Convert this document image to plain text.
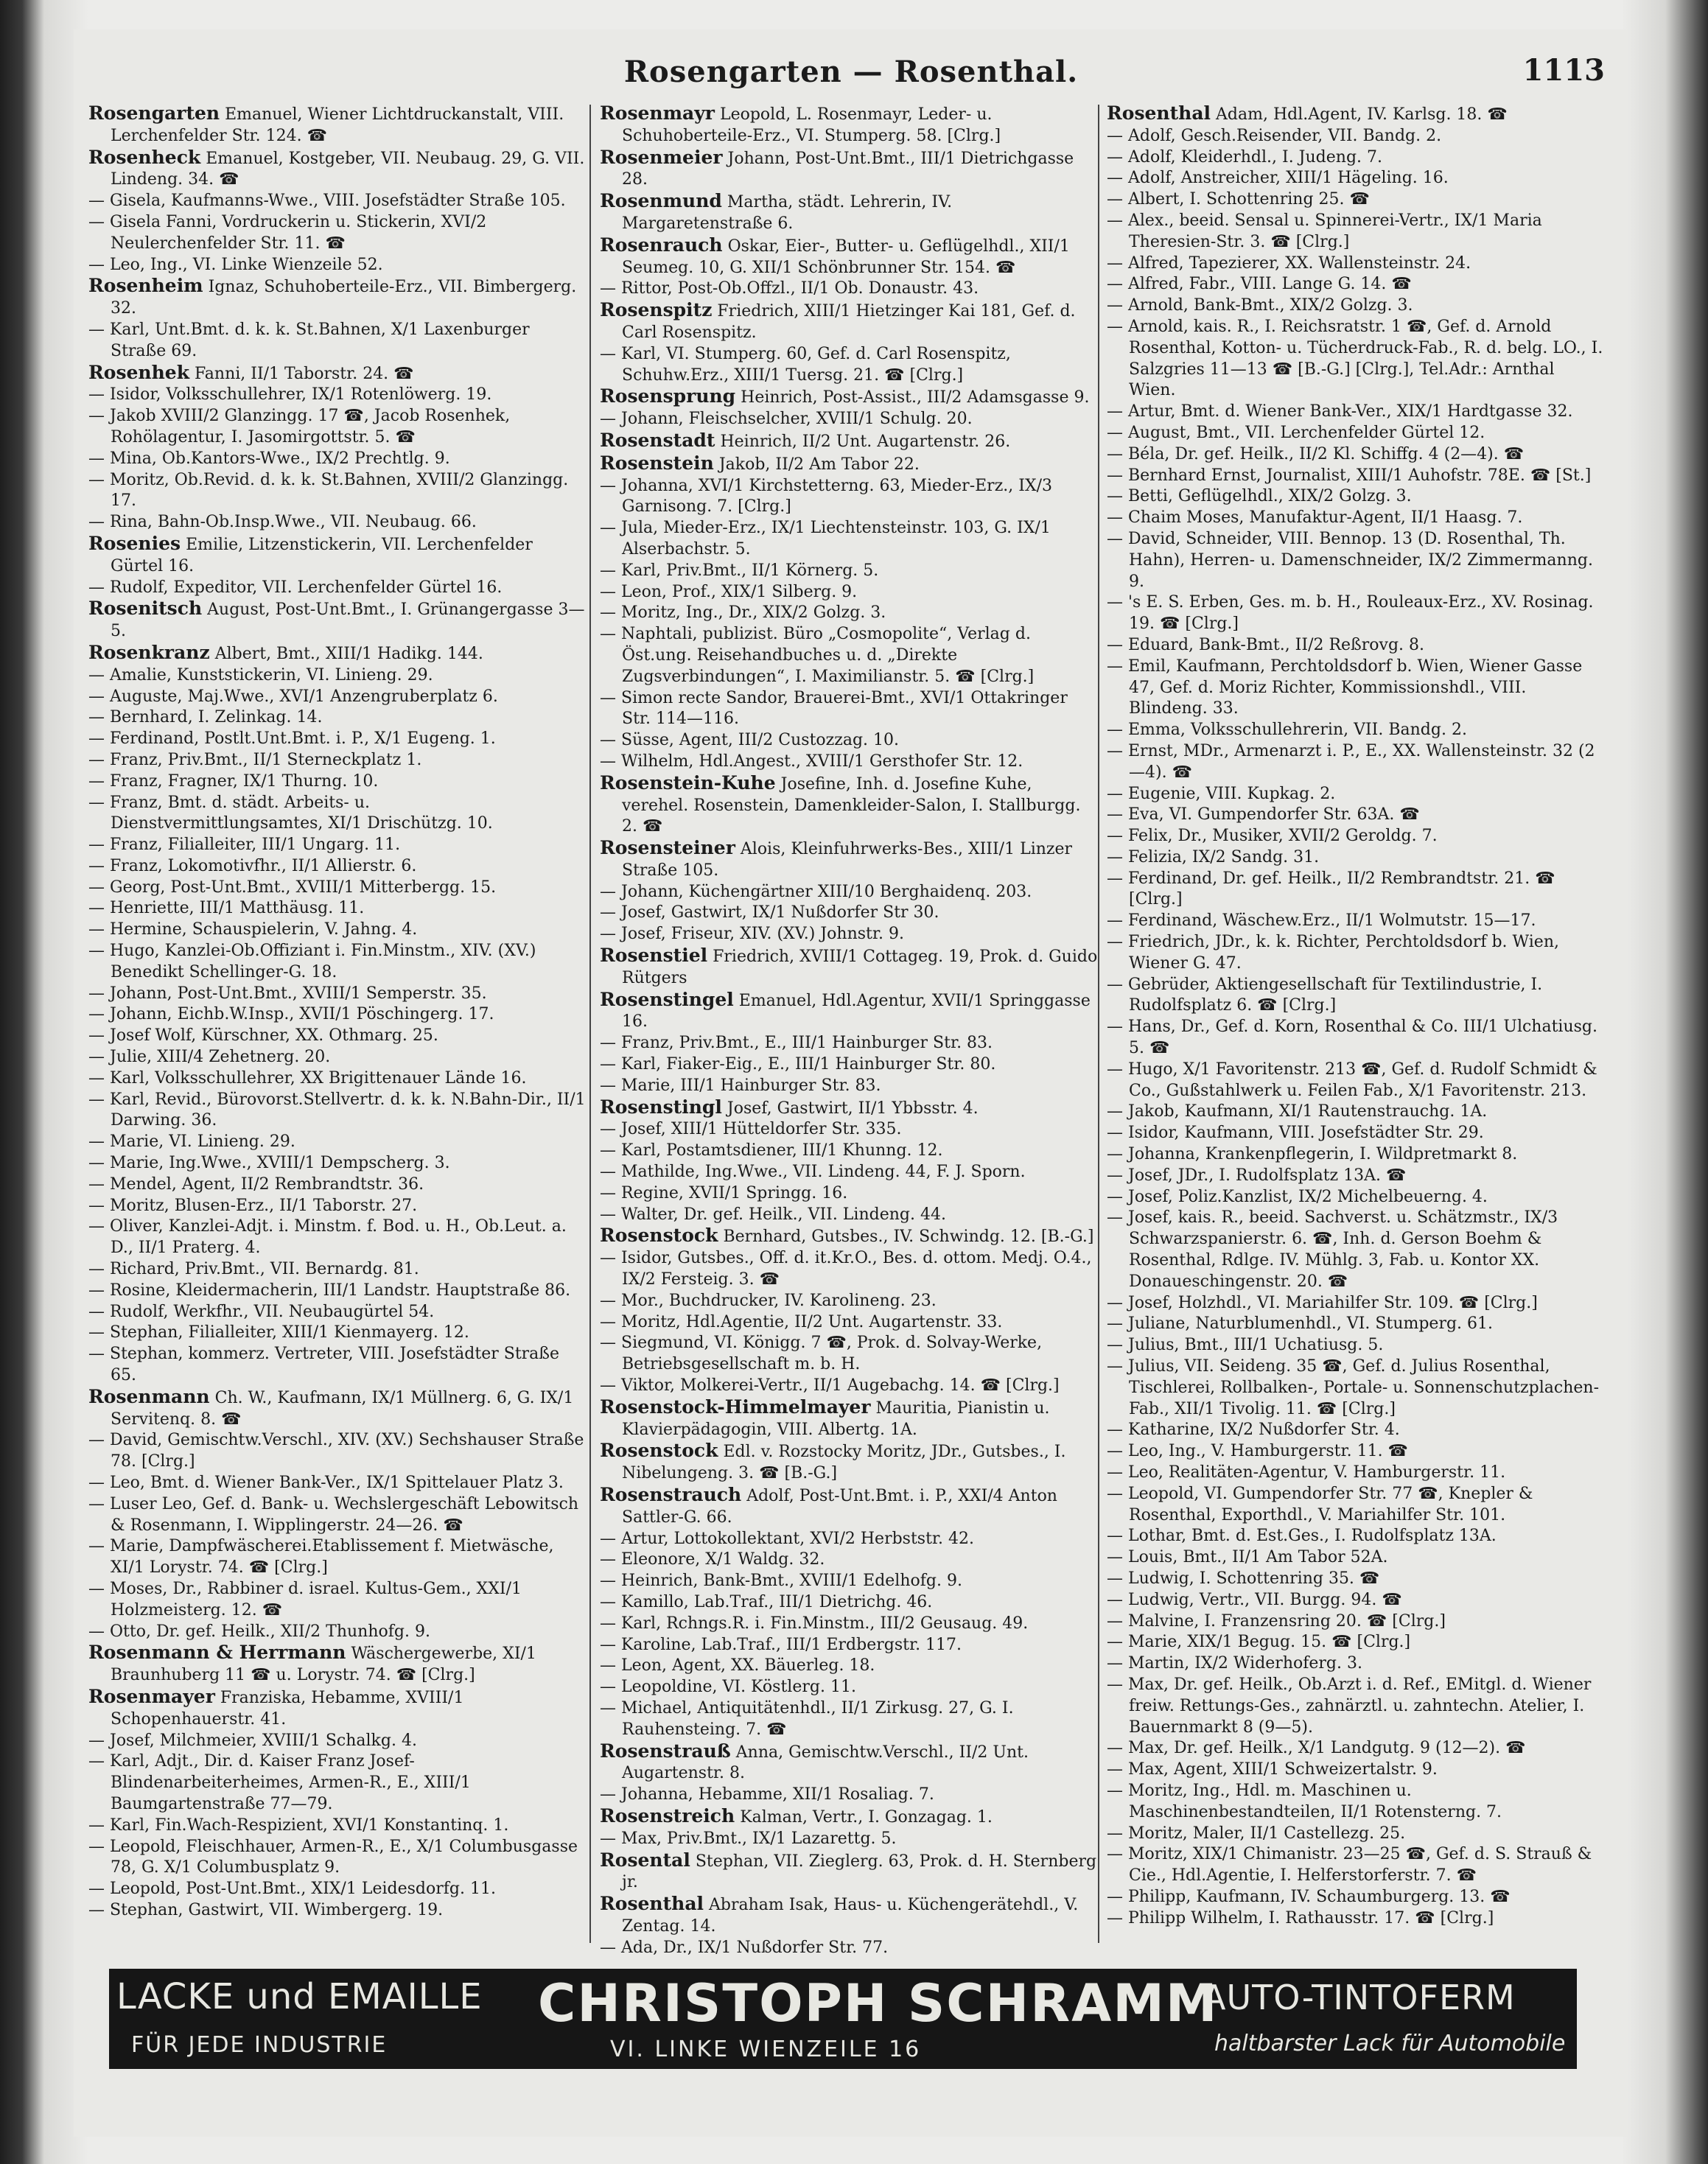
Rosengarten — Rosenthal.	1113

Rosengarten Emanuel, Wiener Lichtdruckanstalt, VIII. Lerchenfelder Str. 124. ☎

Rosenheck Emanuel, Kostgeber, VII. Neubaug. 29, G. VII. Lindeng. 34. ☎

— Gisela, Kaufmanns-Wwe., VIII. Josefstädter Straße 105.

— Gisela Fanni, Vordruckerin u. Stickerin, XVI/2 Neulerchenfelder Str. 11. ☎

— Leo, Ing., VI. Linke Wienzeile 52.

Rosenheim Ignaz, Schuhoberteile-Erz., VII. Bimbergerg. 32.

— Karl, Unt.Bmt. d. k. k. St.Bahnen, X/1 Laxenburger Straße 69.

Rosenhek Fanni, II/1 Taborstr. 24. ☎

— Isidor, Volksschullehrer, IX/1 Rotenlöwerg. 19.

— Jakob XVIII/2 Glanzingg. 17 ☎, Jacob Rosenhek, Rohölagentur, I. Jasomirgottstr. 5. ☎

— Mina, Ob.Kantors-Wwe., IX/2 Prechtlg. 9.

— Moritz, Ob.Revid. d. k. k. St.Bahnen, XVIII/2 Glanzingg. 17.

— Rina, Bahn-Ob.Insp.Wwe., VII. Neubaug. 66.

Rosenies Emilie, Litzenstickerin, VII. Lerchenfelder Gürtel 16.

— Rudolf, Expeditor, VII. Lerchenfelder Gürtel 16.

Rosenitsch August, Post-Unt.Bmt., I. Grünangergasse 3—5.

Rosenkranz Albert, Bmt., XIII/1 Hadikg. 144.

— Amalie, Kunststickerin, VI. Linieng. 29.

— Auguste, Maj.Wwe., XVI/1 Anzengruberplatz 6.

— Bernhard, I. Zelinkag. 14.

— Ferdinand, Postlt.Unt.Bmt. i. P., X/1 Eugeng. 1.

— Franz, Priv.Bmt., II/1 Sterneckplatz 1.

— Franz, Fragner, IX/1 Thurng. 10.

— Franz, Bmt. d. städt. Arbeits- u. Dienstvermittlungsamtes, XI/1 Drischützg. 10.

— Franz, Filialleiter, III/1 Ungarg. 11.

— Franz, Lokomotivfhr., II/1 Allierstr. 6.

— Georg, Post-Unt.Bmt., XVIII/1 Mitterbergg. 15.

— Henriette, III/1 Matthäusg. 11.

— Hermine, Schauspielerin, V. Jahng. 4.

— Hugo, Kanzlei-Ob.Offiziant i. Fin.Minstm., XIV. (XV.) Benedikt Schellinger-G. 18.

— Johann, Post-Unt.Bmt., XVIII/1 Semperstr. 35.

— Johann, Eichb.W.Insp., XVII/1 Pöschingerg. 17.

— Josef Wolf, Kürschner, XX. Othmarg. 25.

— Julie, XIII/4 Zehetnerg. 20.

— Karl, Volksschullehrer, XX Brigittenauer Lände 16.

— Karl, Revid., Bürovorst.Stellvertr. d. k. k. N.Bahn-Dir., II/1 Darwing. 36.

— Marie, VI. Linieng. 29.

— Marie, Ing.Wwe., XVIII/1 Dempscherg. 3.

— Mendel, Agent, II/2 Rembrandtstr. 36.

— Moritz, Blusen-Erz., II/1 Taborstr. 27.

— Oliver, Kanzlei-Adjt. i. Minstm. f. Bod. u. H., Ob.Leut. a. D., II/1 Praterg. 4.

— Richard, Priv.Bmt., VII. Bernardg. 81.

— Rosine, Kleidermacherin, III/1 Landstr. Hauptstraße 86.

— Rudolf, Werkfhr., VII. Neubaugürtel 54.

— Stephan, Filialleiter, XIII/1 Kienmayerg. 12.

— Stephan, kommerz. Vertreter, VIII. Josefstädter Straße 65.

Rosenmann Ch. W., Kaufmann, IX/1 Müllnerg. 6, G. IX/1 Servitenq. 8. ☎

— David, Gemischtw.Verschl., XIV. (XV.) Sechshauser Straße 78. [Clrg.]

— Leo, Bmt. d. Wiener Bank-Ver., IX/1 Spittelauer Platz 3.

— Luser Leo, Gef. d. Bank- u. Wechslergeschäft Lebowitsch & Rosenmann, I. Wipplingerstr. 24—26. ☎

— Marie, Dampfwäscherei.Etablissement f. Mietwäsche, XI/1 Lorystr. 74. ☎ [Clrg.]

— Moses, Dr., Rabbiner d. israel. Kultus-Gem., XXI/1 Holzmeisterg. 12. ☎

— Otto, Dr. gef. Heilk., XII/2 Thunhofg. 9.

Rosenmann & Herrmann Wäschergewerbe, XI/1 Braunhuberg 11 ☎ u. Lorystr. 74. ☎ [Clrg.]

Rosenmayer Franziska, Hebamme, XVIII/1 Schopenhauerstr. 41.

— Josef, Milchmeier, XVIII/1 Schalkg. 4.

— Karl, Adjt., Dir. d. Kaiser Franz Josef-Blindenarbeiterheimes, Armen-R., E., XIII/1 Baumgartenstraße 77—79.

— Karl, Fin.Wach-Respizient, XVI/1 Konstantinq. 1.

— Leopold, Fleischhauer, Armen-R., E., X/1 Columbusgasse 78, G. X/1 Columbusplatz 9.

— Leopold, Post-Unt.Bmt., XIX/1 Leidesdorfg. 11.

— Stephan, Gastwirt, VII. Wimbergerg. 19.

Rosenmayr Leopold, L. Rosenmayr, Leder- u. Schuhoberteile-Erz., VI. Stumperg. 58. [Clrg.]

Rosenmeier Johann, Post-Unt.Bmt., III/1 Dietrichgasse 28.

Rosenmund Martha, städt. Lehrerin, IV. Margaretenstraße 6.

Rosenrauch Oskar, Eier-, Butter- u. Geflügelhdl., XII/1 Seumeg. 10, G. XII/1 Schönbrunner Str. 154. ☎

— Rittor, Post-Ob.Offzl., II/1 Ob. Donaustr. 43.

Rosenspitz Friedrich, XIII/1 Hietzinger Kai 181, Gef. d. Carl Rosenspitz.

— Karl, VI. Stumperg. 60, Gef. d. Carl Rosenspitz, Schuhw.Erz., XIII/1 Tuersg. 21. ☎ [Clrg.]

Rosensprung Heinrich, Post-Assist., III/2 Adamsgasse 9.

— Johann, Fleischselcher, XVIII/1 Schulg. 20.

Rosenstadt Heinrich, II/2 Unt. Augartenstr. 26.

Rosenstein Jakob, II/2 Am Tabor 22.

— Johanna, XVI/1 Kirchstetterng. 63, Mieder-Erz., IX/3 Garnisong. 7. [Clrg.]

— Jula, Mieder-Erz., IX/1 Liechtensteinstr. 103, G. IX/1 Alserbachstr. 5.

— Karl, Priv.Bmt., II/1 Körnerg. 5.

— Leon, Prof., XIX/1 Silberg. 9.

— Moritz, Ing., Dr., XIX/2 Golzg. 3.

— Naphtali, publizist. Büro „Cosmopolite“, Verlag d. Öst.ung. Reisehandbuches u. d. „Direkte Zugsverbindungen“, I. Maximilianstr. 5. ☎ [Clrg.]

— Simon recte Sandor, Brauerei-Bmt., XVI/1 Ottakringer Str. 114—116.

— Süsse, Agent, III/2 Custozzag. 10.

— Wilhelm, Hdl.Angest., XVIII/1 Gersthofer Str. 12.

Rosenstein-Kuhe Josefine, Inh. d. Josefine Kuhe, verehel. Rosenstein, Damenkleider-Salon, I. Stallburgg. 2. ☎

Rosensteiner Alois, Kleinfuhrwerks-Bes., XIII/1 Linzer Straße 105.

— Johann, Küchengärtner XIII/10 Berghaidenq. 203.

— Josef, Gastwirt, IX/1 Nußdorfer Str 30.

— Josef, Friseur, XIV. (XV.) Johnstr. 9.

Rosenstiel Friedrich, XVIII/1 Cottageg. 19, Prok. d. Guido Rütgers

Rosenstingel Emanuel, Hdl.Agentur, XVII/1 Springgasse 16.

— Franz, Priv.Bmt., E., III/1 Hainburger Str. 83.

— Karl, Fiaker-Eig., E., III/1 Hainburger Str. 80.

— Marie, III/1 Hainburger Str. 83.

Rosenstingl Josef, Gastwirt, II/1 Ybbsstr. 4.

— Josef, XIII/1 Hütteldorfer Str. 335.

— Karl, Postamtsdiener, III/1 Khunng. 12.

— Mathilde, Ing.Wwe., VII. Lindeng. 44, F. J. Sporn.

— Regine, XVII/1 Springg. 16.

— Walter, Dr. gef. Heilk., VII. Lindeng. 44.

Rosenstock Bernhard, Gutsbes., IV. Schwindg. 12. [B.-G.]

— Isidor, Gutsbes., Off. d. it.Kr.O., Bes. d. ottom. Medj. O.4., IX/2 Fersteig. 3. ☎

— Mor., Buchdrucker, IV. Karolineng. 23.

— Moritz, Hdl.Agentie, II/2 Unt. Augartenstr. 33.

— Siegmund, VI. Königg. 7 ☎, Prok. d. Solvay-Werke, Betriebsgesellschaft m. b. H.

— Viktor, Molkerei-Vertr., II/1 Augebachg. 14. ☎ [Clrg.]

Rosenstock-Himmelmayer Mauritia, Pianistin u. Klavierpädagogin, VIII. Albertg. 1A.

Rosenstock Edl. v. Rozstocky Moritz, JDr., Gutsbes., I. Nibelungeng. 3. ☎ [B.-G.]

Rosenstrauch Adolf, Post-Unt.Bmt. i. P., XXI/4 Anton Sattler-G. 66.

— Artur, Lottokollektant, XVI/2 Herbststr. 42.

— Eleonore, X/1 Waldg. 32.

— Heinrich, Bank-Bmt., XVIII/1 Edelhofg. 9.

— Kamillo, Lab.Traf., III/1 Dietrichg. 46.

— Karl, Rchngs.R. i. Fin.Minstm., III/2 Geusaug. 49.

— Karoline, Lab.Traf., III/1 Erdbergstr. 117.

— Leon, Agent, XX. Bäuerleg. 18.

— Leopoldine, VI. Köstlerg. 11.

— Michael, Antiquitätenhdl., II/1 Zirkusg. 27, G. I. Rauhensteing. 7. ☎

Rosenstrauß Anna, Gemischtw.Verschl., II/2 Unt. Augartenstr. 8.

— Johanna, Hebamme, XII/1 Rosaliag. 7.

Rosenstreich Kalman, Vertr., I. Gonzagag. 1.

— Max, Priv.Bmt., IX/1 Lazarettg. 5.

Rosental Stephan, VII. Zieglerg. 63, Prok. d. H. Sternberg jr.

Rosenthal Abraham Isak, Haus- u. Küchengerätehdl., V. Zentag. 14.

— Ada, Dr., IX/1 Nußdorfer Str. 77.

Rosenthal Adam, Hdl.Agent, IV. Karlsg. 18. ☎

— Adolf, Gesch.Reisender, VII. Bandg. 2.

— Adolf, Kleiderhdl., I. Judeng. 7.

— Adolf, Anstreicher, XIII/1 Hägeling. 16.

— Albert, I. Schottenring 25. ☎

— Alex., beeid. Sensal u. Spinnerei-Vertr., IX/1 Maria Theresien-Str. 3. ☎ [Clrg.]

— Alfred, Tapezierer, XX. Wallensteinstr. 24.

— Alfred, Fabr., VIII. Lange G. 14. ☎

— Arnold, Bank-Bmt., XIX/2 Golzg. 3.

— Arnold, kais. R., I. Reichsratstr. 1 ☎, Gef. d. Arnold Rosenthal, Kotton- u. Tücherdruck-Fab., R. d. belg. LO., I. Salzgries 11—13 ☎ [B.-G.] [Clrg.], Tel.Adr.: Arnthal Wien.

— Artur, Bmt. d. Wiener Bank-Ver., XIX/1 Hardtgasse 32.

— August, Bmt., VII. Lerchenfelder Gürtel 12.

— Béla, Dr. gef. Heilk., II/2 Kl. Schiffg. 4 (2—4). ☎

— Bernhard Ernst, Journalist, XIII/1 Auhofstr. 78E. ☎ [St.]

— Betti, Geflügelhdl., XIX/2 Golzg. 3.

— Chaim Moses, Manufaktur-Agent, II/1 Haasg. 7.

— David, Schneider, VIII. Bennop. 13 (D. Rosenthal, Th. Hahn), Herren- u. Damenschneider, IX/2 Zimmermanng. 9.

— 's E. S. Erben, Ges. m. b. H., Rouleaux-Erz., XV. Rosinag. 19. ☎ [Clrg.]

— Eduard, Bank-Bmt., II/2 Reßrovg. 8.

— Emil, Kaufmann, Perchtoldsdorf b. Wien, Wiener Gasse 47, Gef. d. Moriz Richter, Kommissionshdl., VIII. Blindeng. 33.

— Emma, Volksschullehrerin, VII. Bandg. 2.

— Ernst, MDr., Armenarzt i. P., E., XX. Wallensteinstr. 32 (2—4). ☎

— Eugenie, VIII. Kupkag. 2.

— Eva, VI. Gumpendorfer Str. 63A. ☎

— Felix, Dr., Musiker, XVII/2 Geroldg. 7.

— Felizia, IX/2 Sandg. 31.

— Ferdinand, Dr. gef. Heilk., II/2 Rembrandtstr. 21. ☎ [Clrg.]

— Ferdinand, Wäschew.Erz., II/1 Wolmutstr. 15—17.

— Friedrich, JDr., k. k. Richter, Perchtoldsdorf b. Wien, Wiener G. 47.

— Gebrüder, Aktiengesellschaft für Textilindustrie, I. Rudolfsplatz 6. ☎ [Clrg.]

— Hans, Dr., Gef. d. Korn, Rosenthal & Co. III/1 Ulchatiusg. 5. ☎

— Hugo, X/1 Favoritenstr. 213 ☎, Gef. d. Rudolf Schmidt & Co., Gußstahlwerk u. Feilen Fab., X/1 Favoritenstr. 213.

— Jakob, Kaufmann, XI/1 Rautenstrauchg. 1A.

— Isidor, Kaufmann, VIII. Josefstädter Str. 29.

— Johanna, Krankenpflegerin, I. Wildpretmarkt 8.

— Josef, JDr., I. Rudolfsplatz 13A. ☎

— Josef, Poliz.Kanzlist, IX/2 Michelbeuerng. 4.

— Josef, kais. R., beeid. Sachverst. u. Schätzmstr., IX/3 Schwarzspanierstr. 6. ☎, Inh. d. Gerson Boehm & Rosenthal, Rdlge. IV. Mühlg. 3, Fab. u. Kontor XX. Donaueschingenstr. 20. ☎

— Josef, Holzhdl., VI. Mariahilfer Str. 109. ☎ [Clrg.]

— Juliane, Naturblumenhdl., VI. Stumperg. 61.

— Julius, Bmt., III/1 Uchatiusg. 5.

— Julius, VII. Seideng. 35 ☎, Gef. d. Julius Rosenthal, Tischlerei, Rollbalken-, Portale- u. Sonnenschutzplachen-Fab., XII/1 Tivolig. 11. ☎ [Clrg.]

— Katharine, IX/2 Nußdorfer Str. 4.

— Leo, Ing., V. Hamburgerstr. 11. ☎

— Leo, Realitäten-Agentur, V. Hamburgerstr. 11.

— Leopold, VI. Gumpendorfer Str. 77 ☎, Knepler & Rosenthal, Exporthdl., V. Mariahilfer Str. 101.

— Lothar, Bmt. d. Est.Ges., I. Rudolfsplatz 13A.

— Louis, Bmt., II/1 Am Tabor 52A.

— Ludwig, I. Schottenring 35. ☎

— Ludwig, Vertr., VII. Burgg. 94. ☎

— Malvine, I. Franzensring 20. ☎ [Clrg.]

— Marie, XIX/1 Begug. 15. ☎ [Clrg.]

— Martin, IX/2 Widerhoferg. 3.

— Max, Dr. gef. Heilk., Ob.Arzt i. d. Ref., EMitgl. d. Wiener freiw. Rettungs-Ges., zahnärztl. u. zahntechn. Atelier, I. Bauernmarkt 8 (9—5).

— Max, Dr. gef. Heilk., X/1 Landgutg. 9 (12—2). ☎

— Max, Agent, XIII/1 Schweizertalstr. 9.

— Moritz, Ing., Hdl. m. Maschinen u. Maschinenbestandteilen, II/1 Rotensterng. 7.

— Moritz, Maler, II/1 Castellezg. 25.

— Moritz, XIX/1 Chimanistr. 23—25 ☎, Gef. d. S. Strauß & Cie., Hdl.Agentie, I. Helferstorferstr. 7. ☎

— Philipp, Kaufmann, IV. Schaumburgerg. 13. ☎

— Philipp Wilhelm, I. Rathausstr. 17. ☎ [Clrg.]

LACKE und EMAILLE
FÜR JEDE INDUSTRIE
CHRISTOPH SCHRAMM
VI. LINKE WIENZEILE 16
AUTO-TINTOFERM
haltbarster Lack für Automobile
